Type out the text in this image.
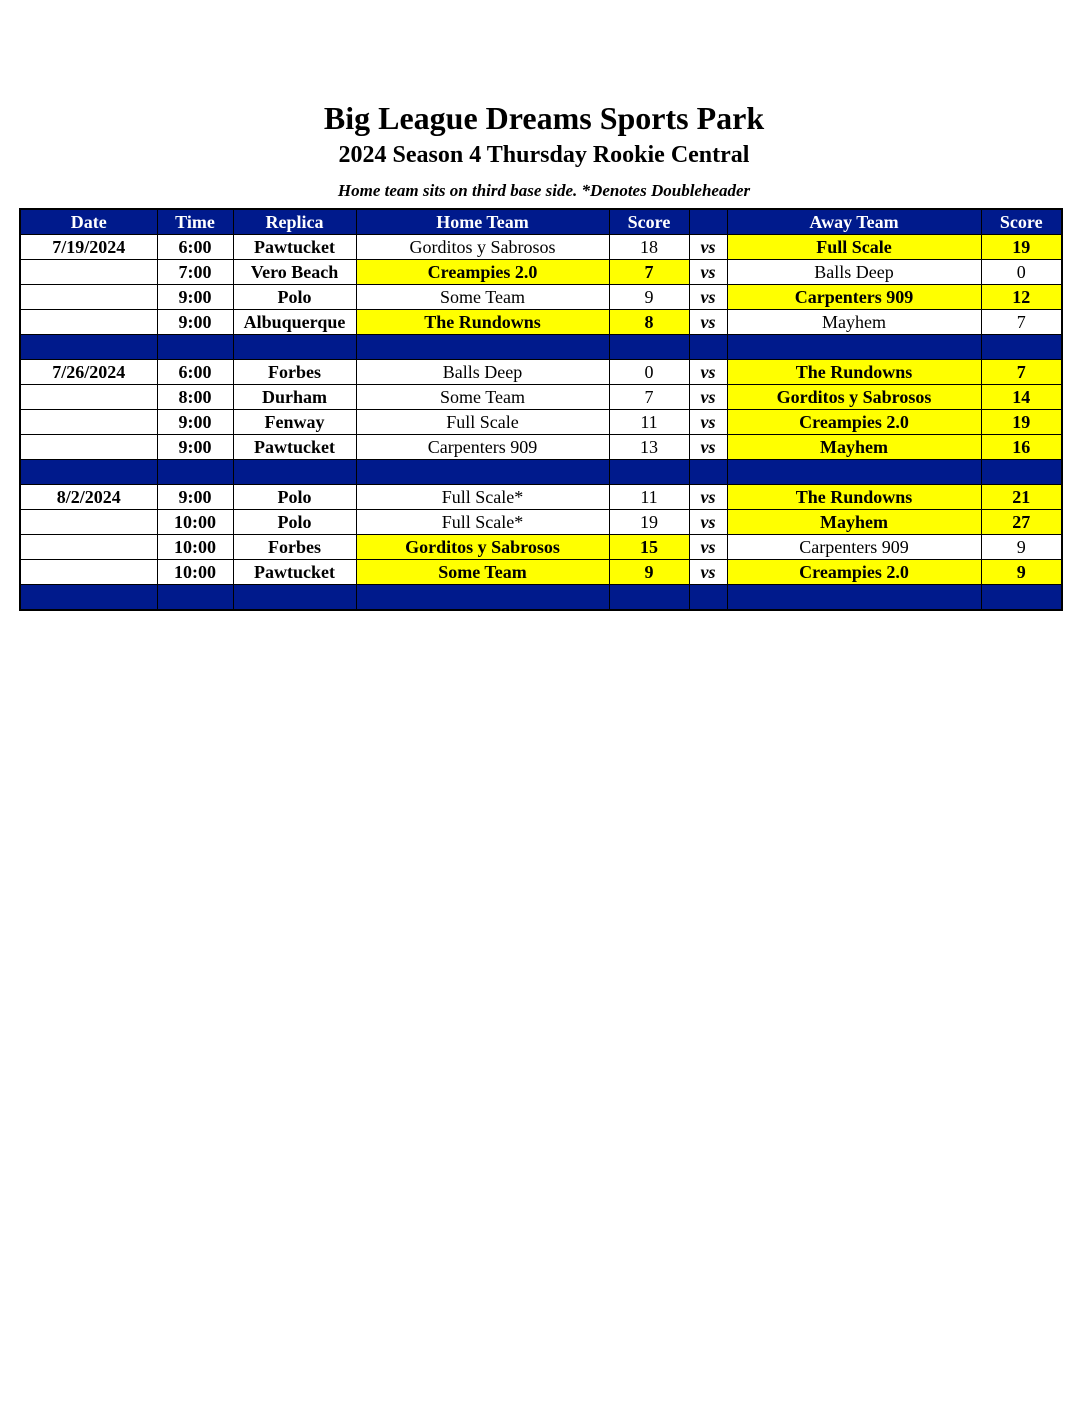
Big League Dreams Sports Park
2024 Season 4 Thursday Rookie Central
Home team sits on third base side. *Denotes Doubleheader
Date	Time	Replica	Home Team	Score		Away Team	Score
7/19/2024	6:00	Pawtucket	Gorditos y Sabrosos	18	vs	Full Scale	19
	7:00	Vero Beach	Creampies 2.0	7	vs	Balls Deep	0
	9:00	Polo	Some Team	9	vs	Carpenters 909	12
	9:00	Albuquerque	The Rundowns	8	vs	Mayhem	7

7/26/2024	6:00	Forbes	Balls Deep	0	vs	The Rundowns	7
	8:00	Durham	Some Team	7	vs	Gorditos y Sabrosos	14
	9:00	Fenway	Full Scale	11	vs	Creampies 2.0	19
	9:00	Pawtucket	Carpenters 909	13	vs	Mayhem	16

8/2/2024	9:00	Polo	Full Scale*	11	vs	The Rundowns	21
	10:00	Polo	Full Scale*	19	vs	Mayhem	27
	10:00	Forbes	Gorditos y Sabrosos	15	vs	Carpenters 909	9
	10:00	Pawtucket	Some Team	9	vs	Creampies 2.0	9
